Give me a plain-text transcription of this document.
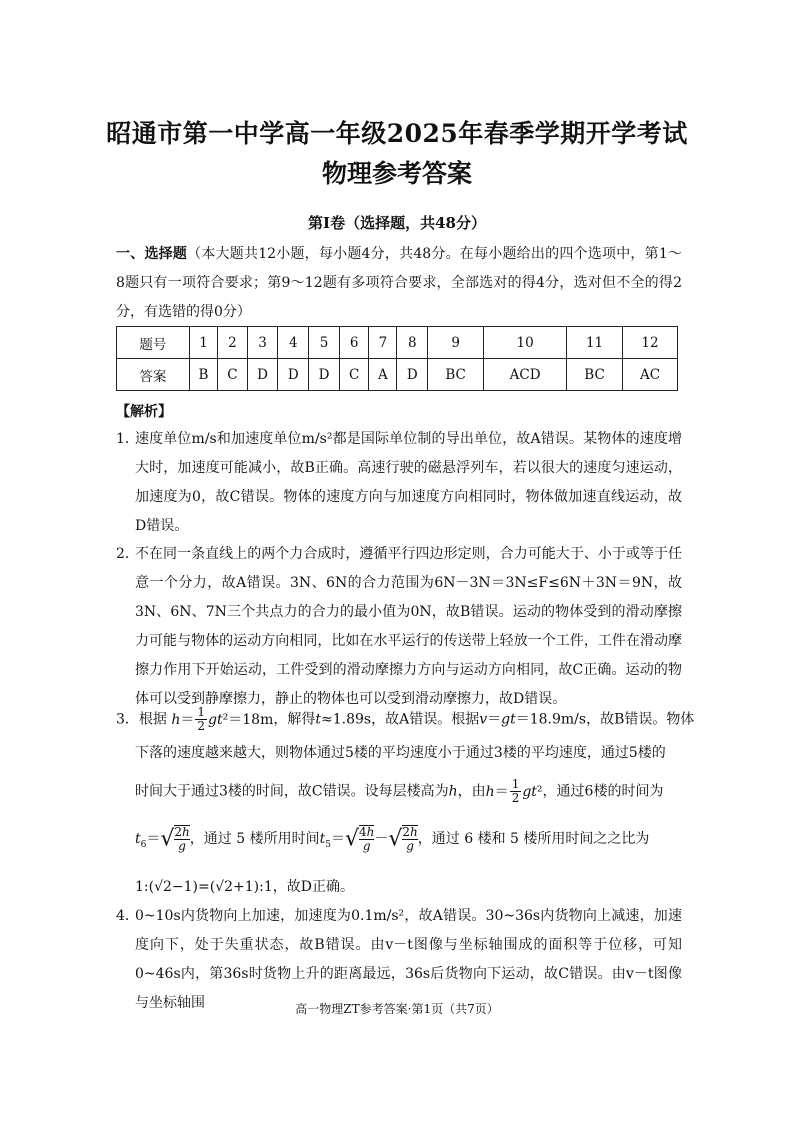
昭通市第一中学高一年级2025年春季学期开学考试
物理参考答案
第Ⅰ卷（选择题，共48分）
一、选择题（本大题共12小题，每小题4分，共48分。在每小题给出的四个选项中，第1～8题只有一项符合要求；第9～12题有多项符合要求，全部选对的得4分，选对但不全的得2分，有选错的得0分）
题号	1	2	3	4	5	6	7	8	9	10	11	12
答案	B	C	D	D	D	C	A	D	BC	ACD	BC	AC
【解析】
1．
速度单位m/s和加速度单位m/s²都是国际单位制的导出单位，故A错误。某物体的速度增大时，加速度可能减小，故B正确。高速行驶的磁悬浮列车，若以很大的速度匀速运动，加速度为0，故C错误。物体的速度方向与加速度方向相同时，物体做加速直线运动，故D错误。
2．
不在同一条直线上的两个力合成时，遵循平行四边形定则，合力可能大于、小于或等于任意一个分力，故A错误。3N、6N的合力范围为6N－3N＝3N≤F≤6N＋3N＝9N，故3N、6N、7N三个共点力的合力的最小值为0N，故B错误。运动的物体受到的滑动摩擦力可能与物体的运动方向相同，比如在水平运行的传送带上轻放一个工件，工件在滑动摩擦力作用下开始运动，工件受到的滑动摩擦力方向与运动方向相同，故C正确。运动的物体可以受到静摩擦力，静止的物体也可以受到滑动摩擦力，故D错误。
3．根据 $h= \frac{1}{2} gt^2=18m$，解得t≈1.89s，故A错误。根据v＝gt＝18.9m/s，故B错误。物体
下落的速度越来越大，则物体通过5楼的平均速度小于通过3楼的平均速度，通过5楼的
时间大于通过3楼的时间，故C错误。设每层楼高为h，由$h= \frac{1}{2} gt^2$，通过6楼的时间为
$t_6=√ \frac{2h}{g}$ ，通过 5 楼所用时间$t_5=√ \frac{4h}{g}$ －√ $\frac{2h}{g}$ ，通过 6 楼和 5 楼所用时间之之比为
1:(√2−1)=(√2+1):1，故D正确。
4．
0~10s内货物向上加速，加速度为0.1m/s²，故A错误。30~36s内货物向上减速，加速度向下，处于失重状态，故B错误。由v－t图像与坐标轴围成的面积等于位移，可知0~46s内，第36s时货物上升的距离最远，36s后货物向下运动，故C错误。由v－t图像与坐标轴围	高一物理ZT参考答案·第1页（共7页）
